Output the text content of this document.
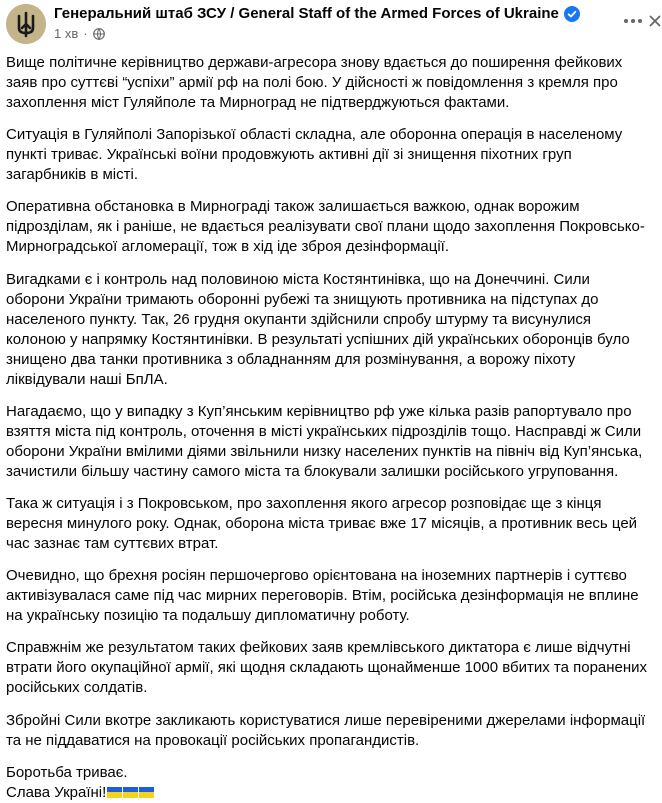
Генеральний штаб ЗСУ / General Staff of the Armed Forces of Ukraine
1 хв ·

Вище політичне керівництво держави-агресора знову вдається до поширення фейкових заяв про суттєві “успіхи” армії рф на полі бою. У дійсності ж повідомлення з кремля про захоплення міст Гуляйполе та Мирноград не підтверджуються фактами.

Ситуація в Гуляйполі Запорізької області складна, але оборонна операція в населеному пункті триває. Українські воїни продовжують активні дії зі знищення піхотних груп загарбників в місті.

Оперативна обстановка в Мирнограді також залишається важкою, однак ворожим підрозділам, як і раніше, не вдається реалізувати свої плани щодо захоплення Покровсько-Мирноградської агломерації, тож в хід іде зброя дезінформації.

Вигадками є і контроль над половиною міста Костянтинівка, що на Донеччині. Сили оборони України тримають оборонні рубежі та знищують противника на підступах до населеного пункту. Так, 26 грудня окупанти здійснили спробу штурму та висунулися колоною у напрямку Костянтинівки. В результаті успішних дій українських оборонців було знищено два танки противника з обладнанням для розмінування, а ворожу піхоту ліквідували наші БпЛА.

Нагадаємо, що у випадку з Куп’янським керівництво рф уже кілька разів рапортувало про взяття міста під контроль, оточення в місті українських підрозділів тощо. Насправді ж Сили оборони України вмілими діями звільнили низку населених пунктів на північ від Куп’янська, зачистили більшу частину самого міста та блокували залишки російського угруповання.

Така ж ситуація і з Покровськом, про захоплення якого агресор розповідає ще з кінця вересня минулого року. Однак, оборона міста триває вже 17 місяців, а противник весь цей час зазнає там суттєвих втрат.

Очевидно, що брехня росіян першочергово орієнтована на іноземних партнерів і суттєво активізувалася саме під час мирних переговорів. Втім, російська дезінформація не вплине на українську позицію та подальшу дипломатичну роботу.

Справжнім же результатом таких фейкових заяв кремлівського диктатора є лише відчутні втрати його окупаційної армії, які щодня складають щонайменше 1000 вбитих та поранених російських солдатів.

Збройні Сили вкотре закликають користуватися лише перевіреними джерелами інформації та не піддаватися на провокації російських пропагандистів.

Боротьба триває.

Слава Україні!
